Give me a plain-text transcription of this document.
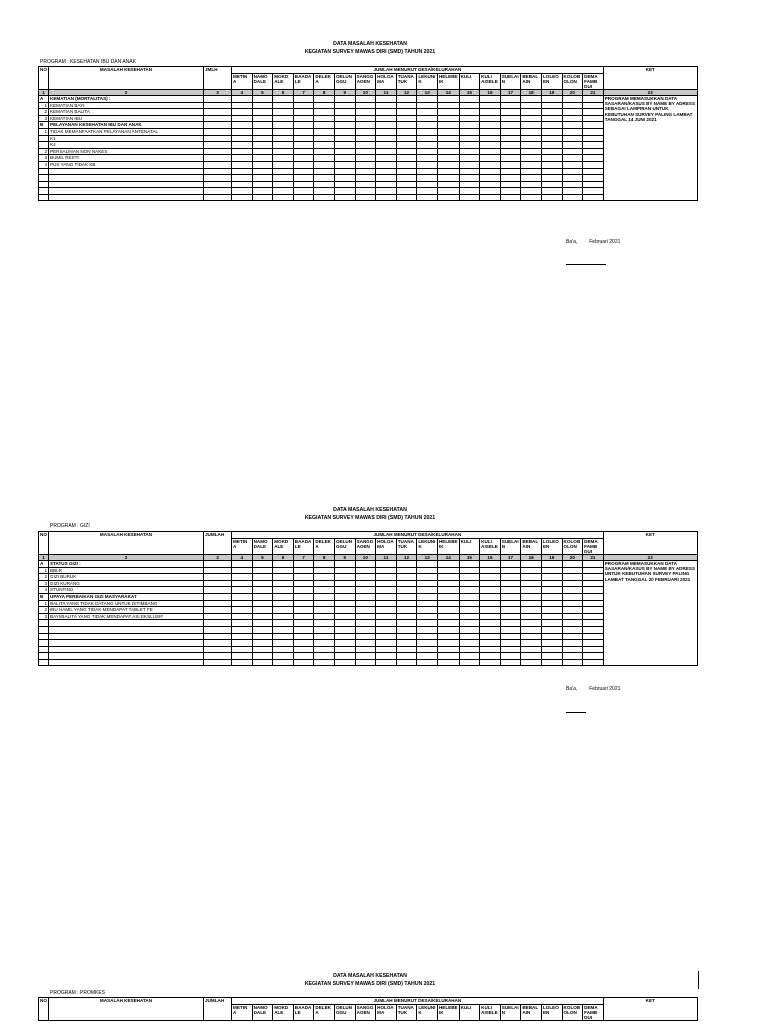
DATA MASALAH KESEHATAN
KEGIATAN SURVEY MAWAS DIRI (SMD) TAHUN 2021
PROGRAM : KESEHATAN IBU DAN ANAK
NO	MASALAH KESEHATAN	JMLH	JUMLAH MENURUT DESA/KELURAHAN																		KET
			METIN A	NAMO DALE	MOKD ALE	BAADA LE	DELEK A	OELUN GGU	SANGG AOEN	HOLOA MA	TUANA TUK	LEKUNI K	HELEBE IK	KULI	KULI AISELE	SUELAI N	BEBAL AIN	LOLEO EN	KOLOB OLON	DEMA FAMB DUI	
1	2	3	4	5	6	7	8	9	10	11	12	13	14	15	16	17	18	19	20	21	22
A	KEMATIAN (MORTALITAS) :																				PROGRAM MEMASUKKAN DATA SASARAN/KASUS BY NAME BY ADRESS SEBAGAI LAMPIRAN UNTUK KEBUTUHAN SURVEY PALING LAMBAT TANGGAL 14 JUNI 2021
1	KEMATIAN BAYI																				
2	KEMATIAN BALITA																				
3	KEMATIAN IBU																				
B	PELAYANAN KESEHATAN IBU DAN ANAK																				
1	TIDAK MEMANFAATKAN PELAYANAN ANTENATAL																				
	K1																				
	K4																				
2	PERSALINAN NON NAKES																				
3	BUMIL RESTI																				
4	PUS YANG TIDAK KB																				

Ba'a, Februari 2021
DATA MASALAH KESEHATAN
KEGIATAN SURVEY MAWAS DIRI (SMD) TAHUN 2021
PROGRAM : GIZI
NO	MASALAH KESEHATAN	JUMLAH	JUMLAH MENURUT DESA/KELURAHAN																		KET
			METIN A	NAMO DALE	MOKD ALE	BAADA LE	DELEK A	OELUN GGU	SANGG AOEN	HOLOA MA	TUANA TUK	LEKUNI K	HELEBE IK	KULI	KULI AISELE	SUELAI N	BEBAL AIN	LOLEO EN	KOLOB OLON	DEMA FAMB DUI	
1	2	3	4	5	6	7	8	9	10	11	12	13	14	15	16	17	18	19	20	21	22
A	STATUS GIZI :																				PROGRAM MEMASUKKAN DATA SASARAN/KASUS BY NAME BY ADRESS UNTUK KEBUTUHAN SURVEY PALING LAMBAT TANGGAL 20 FEBRUARI 2021
1	BBLR																				
2	GIZI BURUK																				
3	GIZI KURANG																				
4	STUNTING																				
B	UPAYA PERBAIKAN GIZI MASYARAKAT																				
1	BALITA YANG TIDAK DATANG UNTUK DITIMBANG																				
2	IBU HAMIL YANG TIDAK MENDAPAT TABLET FE																				
3	BAYI/BALITA YANG TIDAK MENDAPAT ASI EKSLUSIF																				

Ba'a, Februari 2021
DATA MASALAH KESEHATAN
KEGIATAN SURVEY MAWAS DIRI (SMD) TAHUN 2021
PROGRAM : PROMKES
NO	MASALAH KESEHATAN	JUMLAH	JUMLAH MENURUT DESA/KELURAHAN																		KET
			METIN A	NAMO DALE	MOKD ALE	BAADA LE	DELEK A	OELUN GGU	SANGG AOEN	HOLOA MA	TUANA TUK	LEKUNI K	HELEBE IK	KULI	KULI AISELE	SUELAI N	BEBAL AIN	LOLEO EN	KOLOB OLON	DEMA FAMB DUI	
